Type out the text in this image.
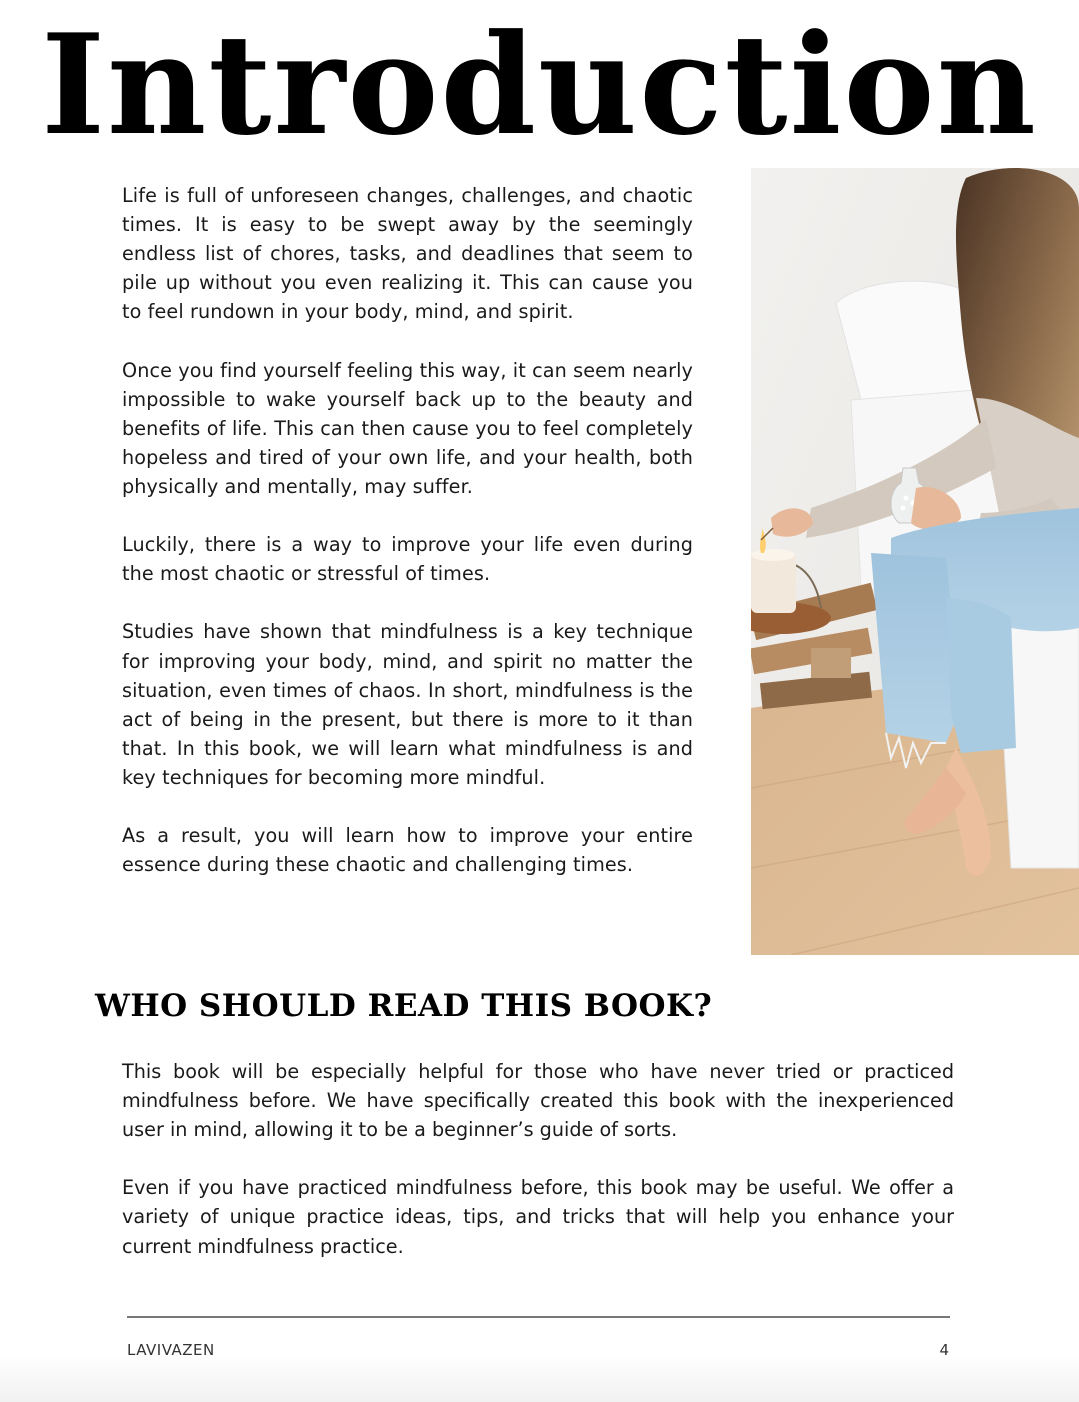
Introduction

Life is full of unforeseen changes, challenges, and chaotic times. It is easy to be swept away by the seemingly endless list of chores, tasks, and deadlines that seem to pile up without you even realizing it. This can cause you to feel rundown in your body, mind, and spirit.

Once you find yourself feeling this way, it can seem nearly impossible to wake yourself back up to the beauty and benefits of life. This can then cause you to feel completely hopeless and tired of your own life, and your health, both physically and mentally, may suffer.

Luckily, there is a way to improve your life even during the most chaotic or stressful of times.

Studies have shown that mindfulness is a key technique for improving your body, mind, and spirit no matter the situation, even times of chaos. In short, mindfulness is the act of being in the present, but there is more to it than that. In this book, we will learn what mindfulness is and key techniques for becoming more mindful.

As a result, you will learn how to improve your entire essence during these chaotic and challenging times.

WHO SHOULD READ THIS BOOK?

This book will be especially helpful for those who have never tried or practiced mindfulness before. We have specifically created this book with the inexperienced user in mind, allowing it to be a beginner’s guide of sorts.

Even if you have practiced mindfulness before, this book may be useful. We offer a variety of unique practice ideas, tips, and tricks that will help you enhance your current mindfulness practice.

LAVIVAZEN	4
